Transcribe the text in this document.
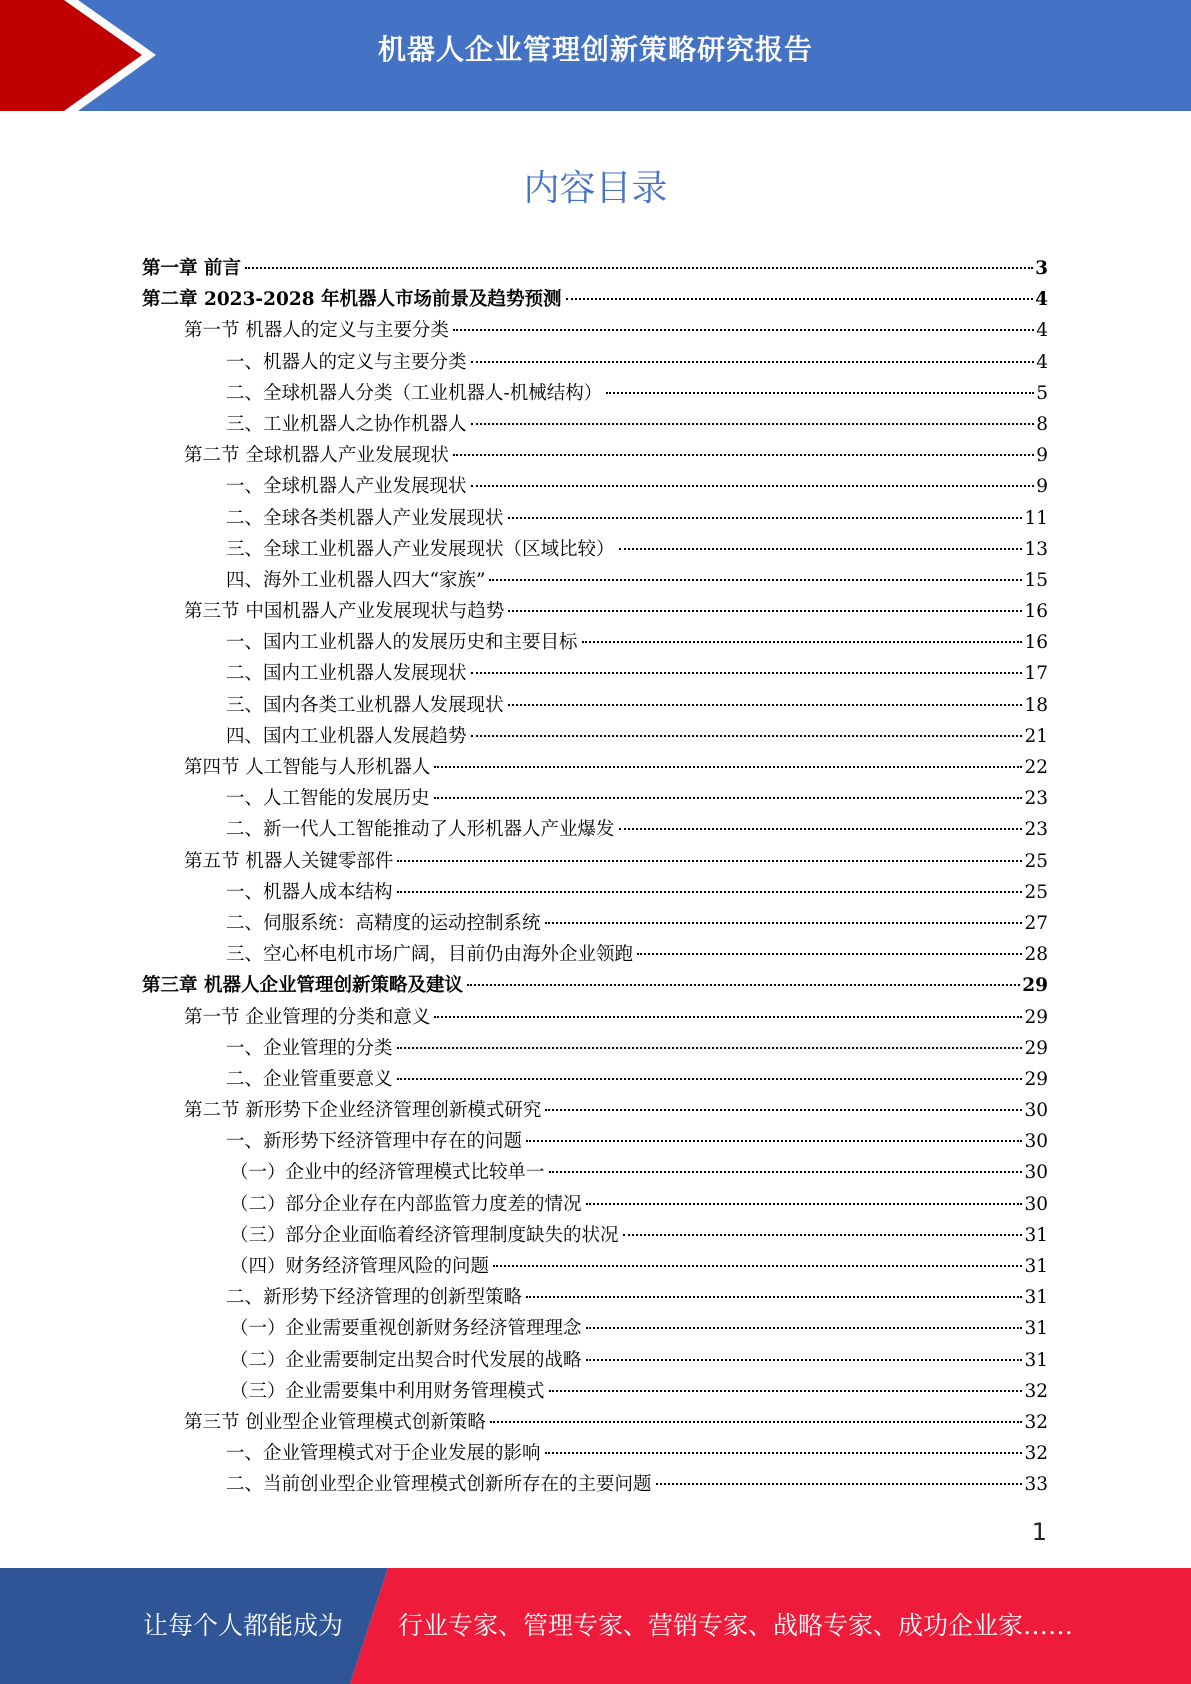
机器人企业管理创新策略研究报告
内容目录
第一章 前言	3
第二章 2023-2028 年机器人市场前景及趋势预测	4
第一节 机器人的定义与主要分类	4
一、机器人的定义与主要分类	4
二、全球机器人分类（工业机器人-机械结构）	5
三、工业机器人之协作机器人	8
第二节 全球机器人产业发展现状	9
一、全球机器人产业发展现状	9
二、全球各类机器人产业发展现状	11
三、全球工业机器人产业发展现状（区域比较）	13
四、海外工业机器人四大“家族”	15
第三节 中国机器人产业发展现状与趋势	16
一、国内工业机器人的发展历史和主要目标	16
二、国内工业机器人发展现状	17
三、国内各类工业机器人发展现状	18
四、国内工业机器人发展趋势	21
第四节 人工智能与人形机器人	22
一、人工智能的发展历史	23
二、新一代人工智能推动了人形机器人产业爆发	23
第五节 机器人关键零部件	25
一、机器人成本结构	25
二、伺服系统：高精度的运动控制系统	27
三、空心杯电机市场广阔，目前仍由海外企业领跑	28
第三章 机器人企业管理创新策略及建议	29
第一节 企业管理的分类和意义	29
一、企业管理的分类	29
二、企业管重要意义	29
第二节 新形势下企业经济管理创新模式研究	30
一、新形势下经济管理中存在的问题	30
（一）企业中的经济管理模式比较单一	30
（二）部分企业存在内部监管力度差的情况	30
（三）部分企业面临着经济管理制度缺失的状况	31
（四）财务经济管理风险的问题	31
二、新形势下经济管理的创新型策略	31
（一）企业需要重视创新财务经济管理理念	31
（二）企业需要制定出契合时代发展的战略	31
（三）企业需要集中利用财务管理模式	32
第三节 创业型企业管理模式创新策略	32
一、企业管理模式对于企业发展的影响	32
二、当前创业型企业管理模式创新所存在的主要问题	33
1
让每个人都能成为 行业专家、管理专家、营销专家、战略专家、成功企业家……
